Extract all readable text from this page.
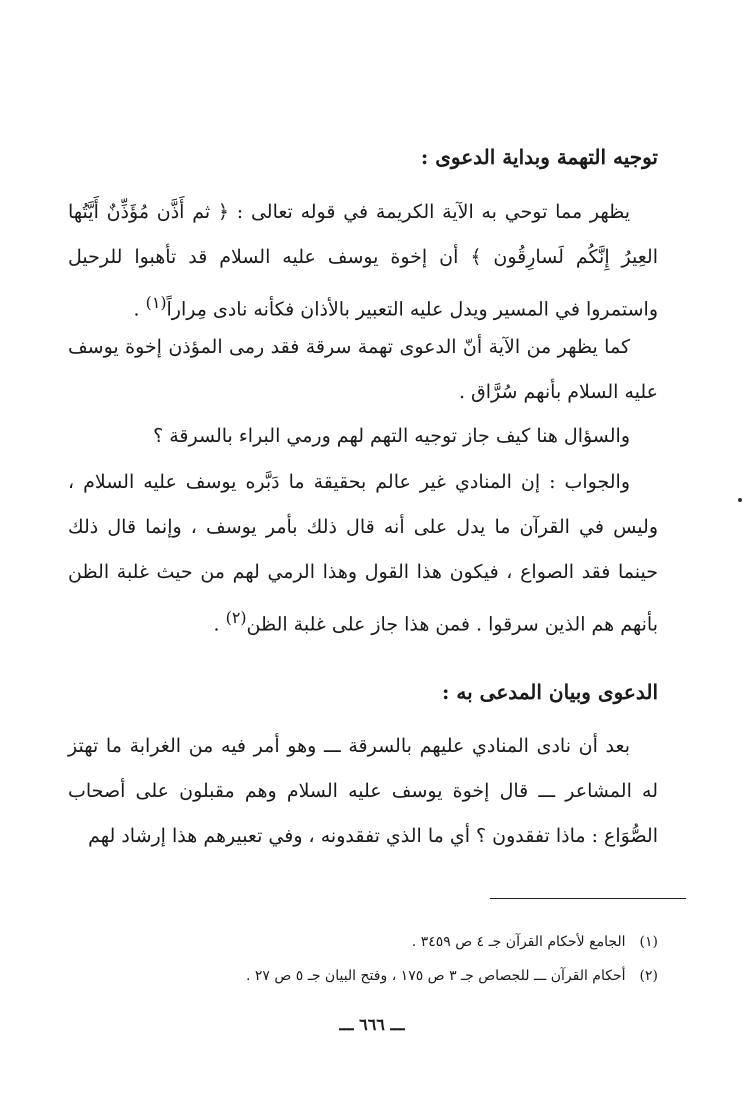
توجيه التهمة وبداية الدعوى :
يظهر مما توحي به الآية الكريمة في قوله تعالى : ﴿ ثم أَذَّن مُؤَذِّنٌ أَيَّتُها العِيرُ إِنَّكُم لَسارِقُون ﴾ أن إخوة يوسف عليه السلام قد تأهبوا للرحيل واستمروا في المسير ويدل عليه التعبير بالأذان فكأنه نادى مِراراً$^{(١)}$ .
كما يظهر من الآية أنّ الدعوى تهمة سرقة فقد رمى المؤذن إخوة يوسف عليه السلام بأنهم سُرَّاق .
والسؤال هنا كيف جاز توجيه التهم لهم ورمي البراء بالسرقة ؟
والجواب : إن المنادي غير عالم بحقيقة ما دَبَّره يوسف عليه السلام ، وليس في القرآن ما يدل على أنه قال ذلك بأمر يوسف ، وإنما قال ذلك حينما فقد الصواع ، فيكون هذا القول وهذا الرمي لهم من حيث غلبة الظن بأنهم هم الذين سرقوا . فمن هذا جاز على غلبة الظن$^{(٢)}$ .
الدعوى وبيان المدعى به :
بعد أن نادى المنادي عليهم بالسرقة ـــ وهو أمر فيه من الغرابة ما تهتز له المشاعر ـــ قال إخوة يوسف عليه السلام وهم مقبلون على أصحاب الصُّوَاع : ماذا تفقدون ؟ أي ما الذي تفقدونه ، وفي تعبيرهم هذا إرشاد لهم
(١)الجامع لأحكام القرآن جـ ٤ ص ٣٤٥٩ .
(٢)أحكام القرآن ـــ للجصاص جـ ٣ ص ١٧٥ ، وفتح البيان جـ ٥ ص ٢٧ .
ـــ ٦٦٦ ـــ
